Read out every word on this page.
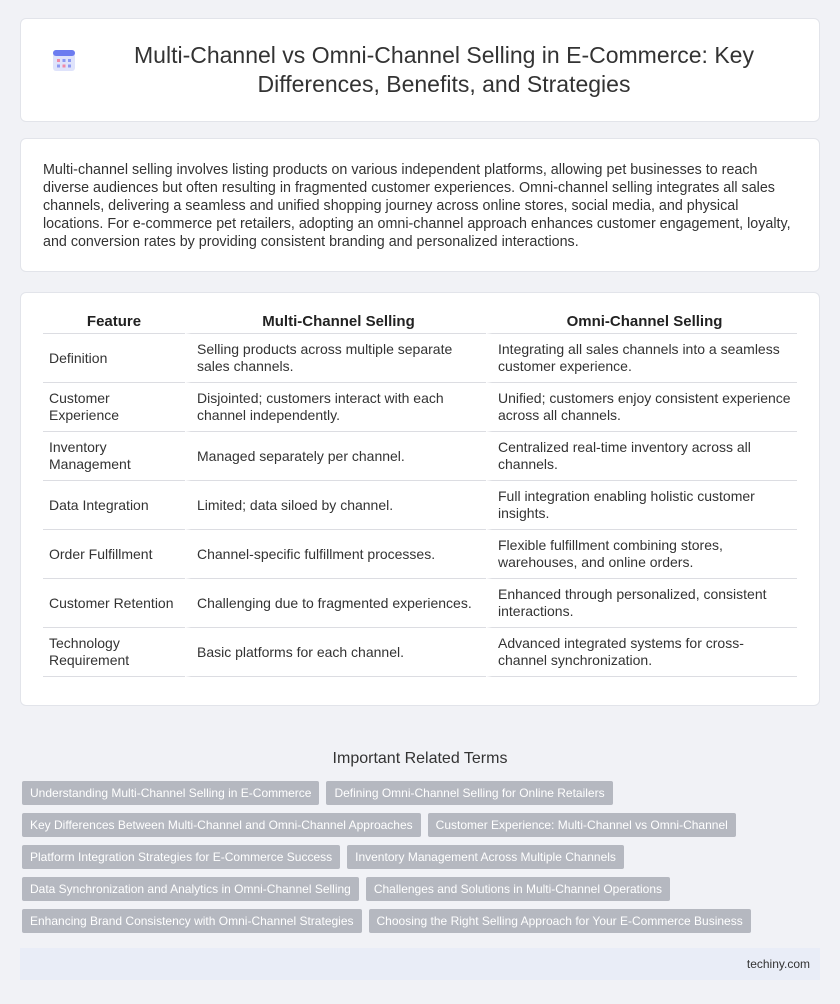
Multi-Channel vs Omni-Channel Selling in E-Commerce: Key Differences, Benefits, and Strategies

Multi-channel selling involves listing products on various independent platforms, allowing pet businesses to reach diverse audiences but often resulting in fragmented customer experiences. Omni-channel selling integrates all sales channels, delivering a seamless and unified shopping journey across online stores, social media, and physical locations. For e-commerce pet retailers, adopting an omni-channel approach enhances customer engagement, loyalty, and conversion rates by providing consistent branding and personalized interactions.

Feature	Multi-Channel Selling	Omni-Channel Selling
Definition	Selling products across multiple separate sales channels.	Integrating all sales channels into a seamless customer experience.
Customer Experience	Disjointed; customers interact with each channel independently.	Unified; customers enjoy consistent experience across all channels.
Inventory Management	Managed separately per channel.	Centralized real-time inventory across all channels.
Data Integration	Limited; data siloed by channel.	Full integration enabling holistic customer insights.
Order Fulfillment	Channel-specific fulfillment processes.	Flexible fulfillment combining stores, warehouses, and online orders.
Customer Retention	Challenging due to fragmented experiences.	Enhanced through personalized, consistent interactions.
Technology Requirement	Basic platforms for each channel.	Advanced integrated systems for cross-channel synchronization.
Important Related Terms
Understanding Multi-Channel Selling in E-Commerce	Defining Omni-Channel Selling for Online Retailers
Key Differences Between Multi-Channel and Omni-Channel Approaches	Customer Experience: Multi-Channel vs Omni-Channel
Platform Integration Strategies for E-Commerce Success	Inventory Management Across Multiple Channels
Data Synchronization and Analytics in Omni-Channel Selling	Challenges and Solutions in Multi-Channel Operations
Enhancing Brand Consistency with Omni-Channel Strategies	Choosing the Right Selling Approach for Your E-Commerce Business
techiny.com
